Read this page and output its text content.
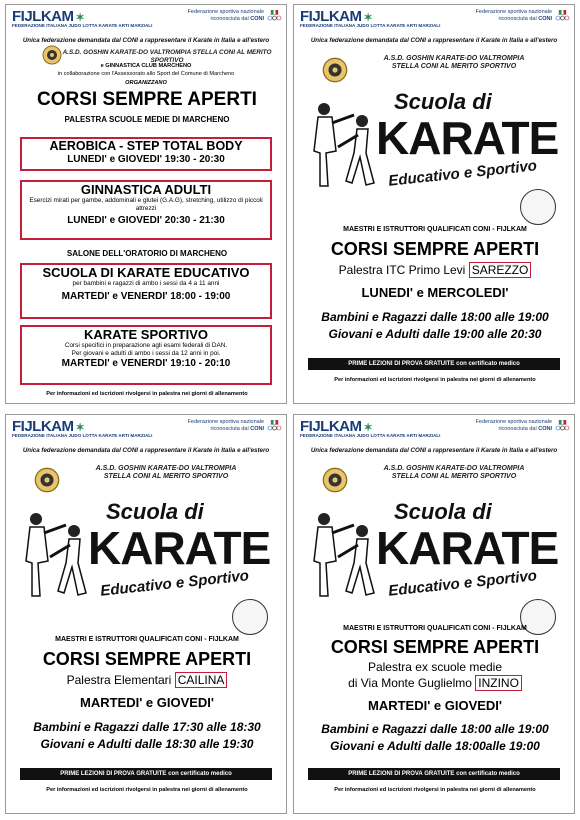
FIJLKAM ✶
FEDERAZIONE ITALIANA JUDO LOTTA KARATE ARTI MARZIALI
Federazione sportiva nazionale
riconosciuta dal CONI
Unica federazione demandata dal CONI a rappresentare il Karate in Italia e all'estero
A.S.D. GOSHIN KARATE-DO VALTROMPIA STELLA CONI AL MERITO SPORTIVO
e GINNASTICA CLUB MARCHENO
in collaborazione con l'Assessorato allo Sport del Comune di Marcheno
ORGANIZZANO
CORSI SEMPRE APERTI
PALESTRA SCUOLE MEDIE DI MARCHENO
AEROBICA - STEP TOTAL BODY
LUNEDI' e GIOVEDI' 19:30 - 20:30
GINNASTICA ADULTI
Esercizi mirati per gambe, addominali e glutei (G.A.G), stretching, utilizzo di piccoli attrezzi
LUNEDI' e GIOVEDI' 20:30 - 21:30
SALONE DELL'ORATORIO DI MARCHENO
SCUOLA DI KARATE EDUCATIVO
per bambini e ragazzi di ambo i sessi da 4 a 11 anni
MARTEDI' e VENERDI' 18:00 - 19:00
KARATE SPORTIVO
Corsi specifici in preparazione agli esami federali di DAN.
Per giovani e adulti di ambo i sessi da 12 anni in poi.
MARTEDI' e VENERDI' 19:10 - 20:10
Per informazioni ed iscrizioni rivolgersi in palestra nei giorni di allenamento
FIJLKAM ✶
FEDERAZIONE ITALIANA JUDO LOTTA KARATE ARTI MARZIALI
Federazione sportiva nazionale
riconosciuta dal CONI
Unica federazione demandata dal CONI a rappresentare il Karate in Italia e all'estero
A.S.D. GOSHIN KARATE-DO VALTROMPIA
STELLA CONI AL MERITO SPORTIVO
Scuola di
KARATE
Educativo e Sportivo
MAESTRI E ISTRUTTORI QUALIFICATI CONI - FIJLKAM
CORSI SEMPRE APERTI
Palestra ITC Primo Levi SAREZZO
LUNEDI' e MERCOLEDI'
Bambini e Ragazzi dalle 18:00 alle 19:00
Giovani e Adulti dalle 19:00 alle 20:30
PRIME LEZIONI DI PROVA GRATUITE con certificato medico
Per informazioni ed iscrizioni rivolgersi in palestra nei giorni di allenamento
FIJLKAM ✶
FEDERAZIONE ITALIANA JUDO LOTTA KARATE ARTI MARZIALI
Federazione sportiva nazionale
riconosciuta dal CONI
Unica federazione demandata dal CONI a rappresentare il Karate in Italia e all'estero
A.S.D. GOSHIN KARATE-DO VALTROMPIA
STELLA CONI AL MERITO SPORTIVO
Scuola di
KARATE
Educativo e Sportivo
MAESTRI E ISTRUTTORI QUALIFICATI CONI - FIJLKAM
CORSI SEMPRE APERTI
Palestra Elementari CAILINA
MARTEDI' e GIOVEDI'
Bambini e Ragazzi dalle 17:30 alle 18:30
Giovani e Adulti dalle 18:30 alle 19:30
PRIME LEZIONI DI PROVA GRATUITE con certificato medico
Per informazioni ed iscrizioni rivolgersi in palestra nei giorni di allenamento
FIJLKAM ✶
FEDERAZIONE ITALIANA JUDO LOTTA KARATE ARTI MARZIALI
Federazione sportiva nazionale
riconosciuta dal CONI
Unica federazione demandata dal CONI a rappresentare il Karate in Italia e all'estero
A.S.D. GOSHIN KARATE-DO VALTROMPIA
STELLA CONI AL MERITO SPORTIVO
Scuola di
KARATE
Educativo e Sportivo
MAESTRI E ISTRUTTORI QUALIFICATI CONI - FIJLKAM
CORSI SEMPRE APERTI
Palestra ex scuole medie
di Via Monte Guglielmo INZINO
MARTEDI' e GIOVEDI'
Bambini e Ragazzi dalle 18:00 alle 19:00
Giovani e Adulti dalle 18:00alle 19:00
PRIME LEZIONI DI PROVA GRATUITE con certificato medico
Per informazioni ed iscrizioni rivolgersi in palestra nei giorni di allenamento
